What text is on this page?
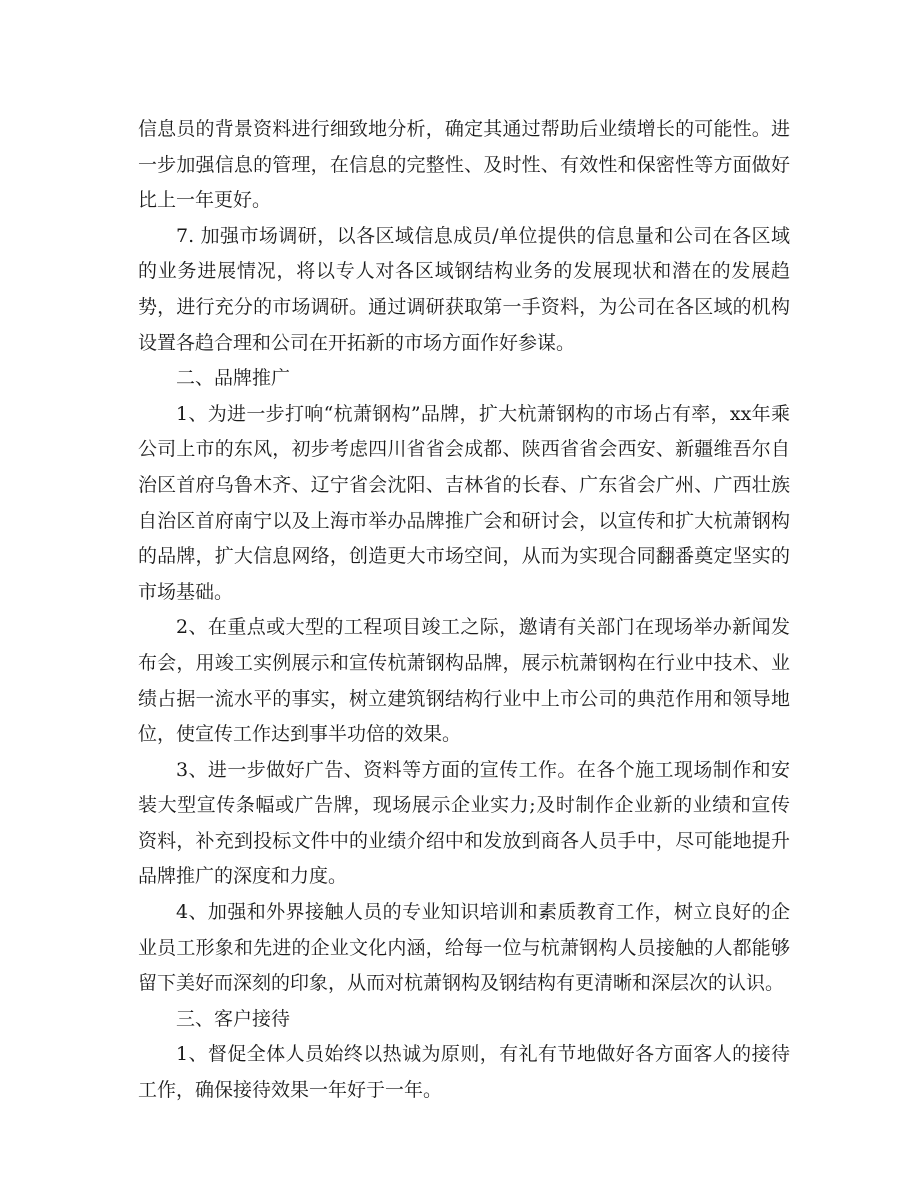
信息员的背景资料进行细致地分析，确定其通过帮助后业绩增长的可能性。进一步加强信息的管理，在信息的完整性、及时性、有效性和保密性等方面做好比上一年更好。

7. 加强市场调研，以各区域信息成员/单位提供的信息量和公司在各区域的业务进展情况，将以专人对各区域钢结构业务的发展现状和潜在的发展趋势，进行充分的市场调研。通过调研获取第一手资料，为公司在各区域的机构设置各趋合理和公司在开拓新的市场方面作好参谋。

二、品牌推广

1、为进一步打响“杭萧钢构”品牌，扩大杭萧钢构的市场占有率，xx年乘公司上市的东风，初步考虑四川省省会成都、陕西省省会西安、新疆维吾尔自治区首府乌鲁木齐、辽宁省会沈阳、吉林省的长春、广东省会广州、广西壮族自治区首府南宁以及上海市举办品牌推广会和研讨会，以宣传和扩大杭萧钢构的品牌，扩大信息网络，创造更大市场空间，从而为实现合同翻番奠定坚实的市场基础。

2、在重点或大型的工程项目竣工之际，邀请有关部门在现场举办新闻发布会，用竣工实例展示和宣传杭萧钢构品牌，展示杭萧钢构在行业中技术、业绩占据一流水平的事实，树立建筑钢结构行业中上市公司的典范作用和领导地位，使宣传工作达到事半功倍的效果。

3、进一步做好广告、资料等方面的宣传工作。在各个施工现场制作和安装大型宣传条幅或广告牌，现场展示企业实力;及时制作企业新的业绩和宣传资料，补充到投标文件中的业绩介绍中和发放到商各人员手中，尽可能地提升品牌推广的深度和力度。

4、加强和外界接触人员的专业知识培训和素质教育工作，树立良好的企业员工形象和先进的企业文化内涵，给每一位与杭萧钢构人员接触的人都能够留下美好而深刻的印象，从而对杭萧钢构及钢结构有更清晰和深层次的认识。

三、客户接待

1、督促全体人员始终以热诚为原则，有礼有节地做好各方面客人的接待工作，确保接待效果一年好于一年。
